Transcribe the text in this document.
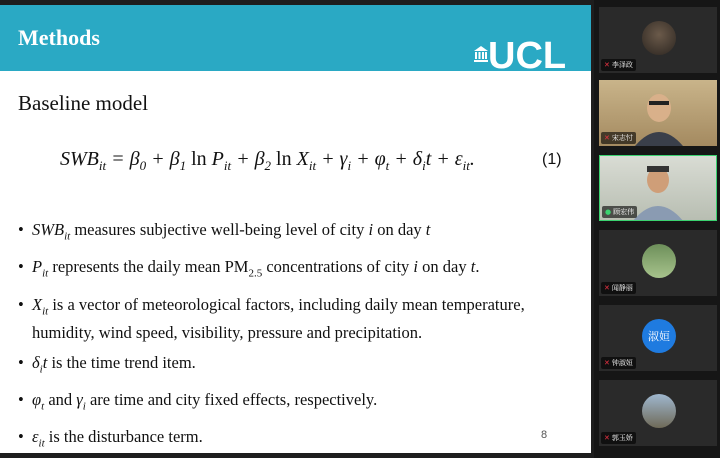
Methods	UCL
Baseline model
$SWB_{it} = \beta_0 + \beta_1$ $\ln P_{it} + \beta_2$ $\ln X_{it} + \gamma_i + \varphi_t + \delta_it + \varepsilon_{it}$.	(1)
• $SWB_{it}$ measures subjective well-being level of city i on day t
• $P_{it}$ represents the daily mean $PM_{2.5}$ concentrations of city i on day t.
• $X_{it}$ is a vector of meteorological factors, including daily mean temperature, humidity, wind speed, visibility, pressure and precipitation.
• $\delta_it$ is the time trend item.
• $\varphi_t$ and $\gamma_i$ are time and city fixed effects, respectively.
• $\varepsilon_{it}$ is the disturbance term.	8
✕ 李泽政
✕ 宋志忖
● 顾宏伟
✕ 闻静丽
淑姮
✕ 钟淑姮
✕ 郭玉娇
